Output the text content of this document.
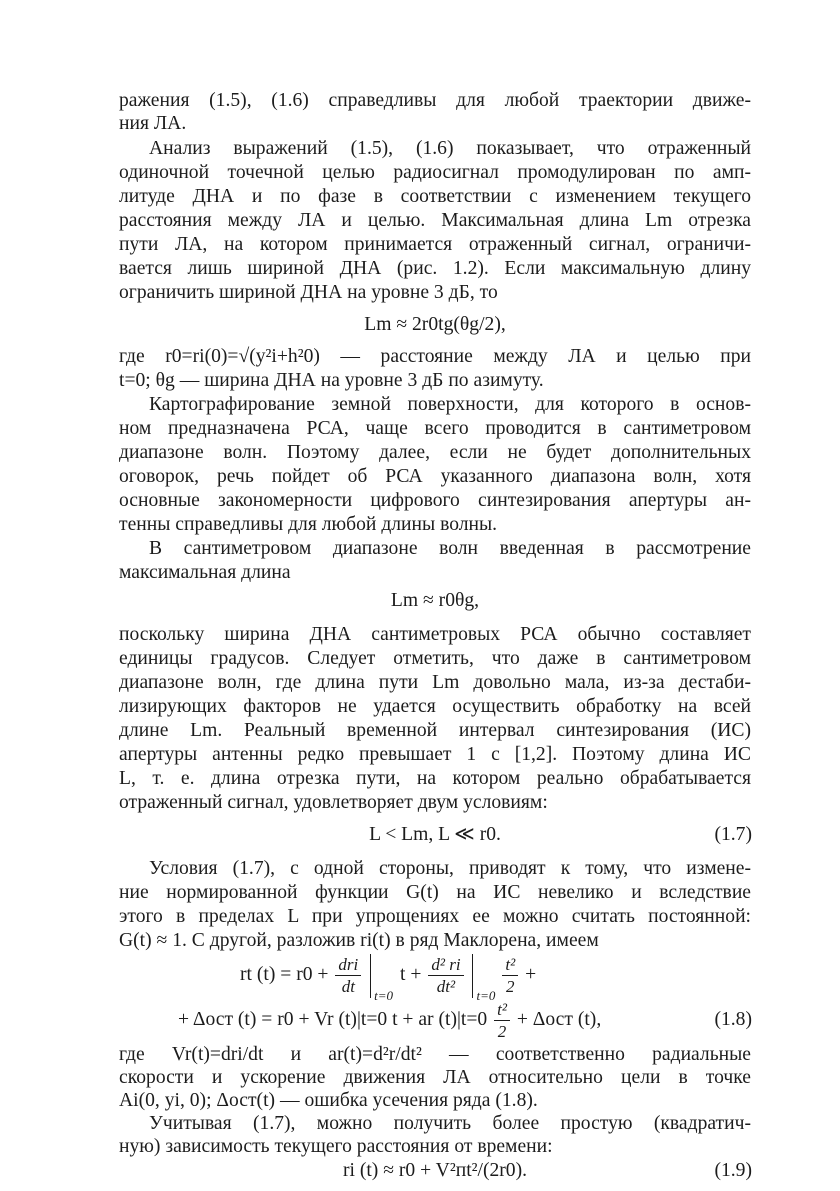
ражения (1.5), (1.6) справедливы для любой траектории движе-
ния ЛА.
Анализ выражений (1.5), (1.6) показывает, что отраженный
одиночной точечной целью радиосигнал промодулирован по амп-
литуде ДНА и по фазе в соответствии с изменением текущего
расстояния между ЛА и целью. Максимальная длина Lm отрезка
пути ЛА, на котором принимается отраженный сигнал, ограничи-
вается лишь шириной ДНА (рис. 1.2). Если максимальную длину
ограничить шириной ДНА на уровне 3 дБ, то
Lm ≈ 2r0tg(θg/2),
где r0=ri(0)=√(y²i+h²0) — расстояние между ЛА и целью при
t=0; θg — ширина ДНА на уровне 3 дБ по азимуту.
Картографирование земной поверхности, для которого в основ-
ном предназначена РСА, чаще всего проводится в сантиметровом
диапазоне волн. Поэтому далее, если не будет дополнительных
оговорок, речь пойдет об РСА указанного диапазона волн, хотя
основные закономерности цифрового синтезирования апертуры ан-
тенны справедливы для любой длины волны.
В сантиметровом диапазоне волн введенная в рассмотрение
максимальная длина
Lm ≈ r0θg,
поскольку ширина ДНА сантиметровых РСА обычно составляет
единицы градусов. Следует отметить, что даже в сантиметровом
диапазоне волн, где длина пути Lm довольно мала, из-за дестаби-
лизирующих факторов не удается осуществить обработку на всей
длине Lm. Реальный временной интервал синтезирования (ИС)
апертуры антенны редко превышает 1 с [1,2]. Поэтому длина ИС
L, т. е. длина отрезка пути, на котором реально обрабатывается
отраженный сигнал, удовлетворяет двум условиям:
L < Lm, L ≪ r0.	(1.7)
Условия (1.7), с одной стороны, приводят к тому, что измене-
ние нормированной функции G(t) на ИС невелико и вследствие
этого в пределах L при упрощениях ее можно считать постоянной:
G(t) ≈ 1. С другой, разложив ri(t) в ряд Маклорена, имеем
rt $(t) = r0 + \frac{\text{dri}}{dt}$
t=0
$t + \frac{\text{d² ri}}{\text{dt²}}$
t=0
$\frac{\text{t²}}{2}$ +
+ Δост (t) = r0 + Vr (t)|t=0 t + ar $(t)|t=0 \frac{\text{t²}}{2} + \Delta ост$ (t),	(1.8)
где Vr(t)=dri/dt и ar(t)=d²r/dt² — соответственно радиальные
скорости и ускорение движения ЛА относительно цели в точке
Ai(0, yi, 0); Δост(t) — ошибка усечения ряда (1.8).
Учитывая (1.7), можно получить более простую (квадратич-
ную) зависимость текущего расстояния от времени:
ri (t) ≈ r0 + V²пt²/(2r0).	(1.9)
